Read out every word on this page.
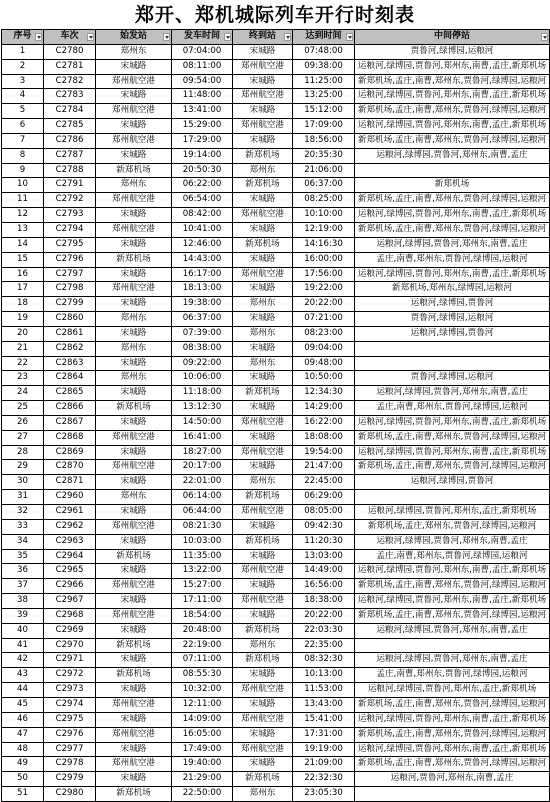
郑开、郑机城际列车开行时刻表
序号	车次	始发站	发车时间	终到站	达到时间	中间停站

1	C2780	郑州东	07:04:00	宋城路	07:48:00	贾鲁河,绿博园,运粮河
2	C2781	宋城路	08:11:00	郑州航空港	09:38:00	运粮河,绿博园,贾鲁河,郑州东,南曹,孟庄,新郑机场
3	C2782	郑州航空港	09:54:00	宋城路	11:25:00	新郑机场,孟庄,南曹,郑州东,贾鲁河,绿博园,运粮河
4	C2783	宋城路	11:48:00	郑州航空港	13:25:00	运粮河,绿博园,贾鲁河,郑州东,南曹,孟庄,新郑机场
5	C2784	郑州航空港	13:41:00	宋城路	15:12:00	新郑机场,孟庄,南曹,郑州东,贾鲁河,绿博园,运粮河
6	C2785	宋城路	15:29:00	郑州航空港	17:09:00	运粮河,绿博园,贾鲁河,郑州东,南曹,孟庄,新郑机场
7	C2786	郑州航空港	17:29:00	宋城路	18:56:00	新郑机场,孟庄,南曹,郑州东,贾鲁河,绿博园,运粮河
8	C2787	宋城路	19:14:00	新郑机场	20:35:30	运粮河,绿博园,贾鲁河,郑州东,南曹,孟庄
9	C2788	新郑机场	20:50:30	郑州东	21:06:00	
10	C2791	郑州东	06:22:00	新郑机场	06:37:00	新郑机场
11	C2792	郑州航空港	06:54:00	宋城路	08:25:00	新郑机场,孟庄,南曹,郑州东,贾鲁河,绿博园,运粮河
12	C2793	宋城路	08:42:00	郑州航空港	10:10:00	运粮河,绿博园,贾鲁河,郑州东,南曹,孟庄,新郑机场
13	C2794	郑州航空港	10:41:00	宋城路	12:19:00	新郑机场,孟庄,南曹,郑州东,贾鲁河,绿博园,运粮河
14	C2795	宋城路	12:46:00	新郑机场	14:16:30	运粮河,绿博园,贾鲁河,郑州东,南曹,孟庄
15	C2796	新郑机场	14:43:00	宋城路	16:00:00	孟庄,南曹,郑州东,贾鲁河,绿博园,运粮河
16	C2797	宋城路	16:17:00	郑州航空港	17:56:00	运粮河,绿博园,贾鲁河,郑州东,南曹,孟庄,新郑机场
17	C2798	郑州航空港	18:13:00	宋城路	19:22:00	新郑机场,郑州东,绿博园,运粮河
18	C2799	宋城路	19:38:00	郑州东	20:22:00	运粮河,绿博园,贾鲁河
19	C2860	郑州东	06:37:00	宋城路	07:21:00	贾鲁河,绿博园,运粮河
20	C2861	宋城路	07:39:00	郑州东	08:23:00	运粮河,绿博园,贾鲁河
21	C2862	郑州东	08:38:00	宋城路	09:04:00	
22	C2863	宋城路	09:22:00	郑州东	09:48:00	
23	C2864	郑州东	10:06:00	宋城路	10:50:00	贾鲁河,绿博园,运粮河
24	C2865	宋城路	11:18:00	新郑机场	12:34:30	运粮河,绿博园,贾鲁河,郑州东,南曹,孟庄
25	C2866	新郑机场	13:12:30	宋城路	14:29:00	孟庄,南曹,郑州东,贾鲁河,绿博园,运粮河
26	C2867	宋城路	14:50:00	郑州航空港	16:22:00	运粮河,绿博园,贾鲁河,郑州东,南曹,孟庄,新郑机场
27	C2868	郑州航空港	16:41:00	宋城路	18:08:00	新郑机场,孟庄,南曹,郑州东,贾鲁河,绿博园,运粮河
28	C2869	宋城路	18:27:00	郑州航空港	19:54:00	运粮河,绿博园,贾鲁河,郑州东,南曹,孟庄,新郑机场
29	C2870	郑州航空港	20:17:00	宋城路	21:47:00	新郑机场,孟庄,南曹,郑州东,贾鲁河,绿博园,运粮河
30	C2871	宋城路	22:01:00	郑州东	22:45:00	运粮河,绿博园,贾鲁河
31	C2960	郑州东	06:14:00	新郑机场	06:29:00	
32	C2961	宋城路	06:44:00	郑州航空港	08:05:00	运粮河,绿博园,贾鲁河,郑州东,孟庄,新郑机场
33	C2962	郑州航空港	08:21:30	宋城路	09:42:30	新郑机场,孟庄,郑州东,贾鲁河,绿博园,运粮河
34	C2963	宋城路	10:03:00	新郑机场	11:20:30	运粮河,绿博园,贾鲁河,郑州东,南曹,孟庄
35	C2964	新郑机场	11:35:00	宋城路	13:03:00	孟庄,南曹,郑州东,贾鲁河,绿博园,运粮河
36	C2965	宋城路	13:22:00	郑州航空港	14:49:00	运粮河,绿博园,贾鲁河,郑州东,南曹,孟庄,新郑机场
37	C2966	郑州航空港	15:27:00	宋城路	16:56:00	新郑机场,孟庄,南曹,郑州东,贾鲁河,绿博园,运粮河
38	C2967	宋城路	17:11:00	郑州航空港	18:38:00	运粮河,绿博园,贾鲁河,郑州东,南曹,孟庄,新郑机场
39	C2968	郑州航空港	18:54:00	宋城路	20:22:00	新郑机场,孟庄,南曹,郑州东,贾鲁河,绿博园,运粮河
40	C2969	宋城路	20:48:00	新郑机场	22:03:30	运粮河,绿博园,贾鲁河,郑州东,南曹,孟庄
41	C2970	新郑机场	22:19:00	郑州东	22:35:00	
42	C2971	宋城路	07:11:00	新郑机场	08:32:30	运粮河,绿博园,贾鲁河,郑州东,南曹,孟庄
43	C2972	新郑机场	08:55:30	宋城路	10:13:00	孟庄,南曹,郑州东,贾鲁河,绿博园,运粮河
44	C2973	宋城路	10:32:00	郑州航空港	11:53:00	运粮河,绿博园,贾鲁河,郑州东,孟庄,新郑机场
45	C2974	郑州航空港	12:11:00	宋城路	13:43:00	新郑机场,孟庄,南曹,郑州东,贾鲁河,绿博园,运粮河
46	C2975	宋城路	14:09:00	郑州航空港	15:41:00	运粮河,绿博园,贾鲁河,郑州东,南曹,孟庄,新郑机场
47	C2976	郑州航空港	16:05:00	宋城路	17:31:00	新郑机场,孟庄,南曹,郑州东,贾鲁河,绿博园,运粮河
48	C2977	宋城路	17:49:00	郑州航空港	19:19:00	运粮河,绿博园,贾鲁河,郑州东,南曹,孟庄,新郑机场
49	C2978	郑州航空港	19:40:00	宋城路	21:09:00	新郑机场,孟庄,南曹,郑州东,贾鲁河,绿博园,运粮河
50	C2979	宋城路	21:29:00	新郑机场	22:32:30	运粮河,贾鲁河,郑州东,南曹,孟庄
51	C2980	新郑机场	22:50:00	郑州东	23:05:30	
